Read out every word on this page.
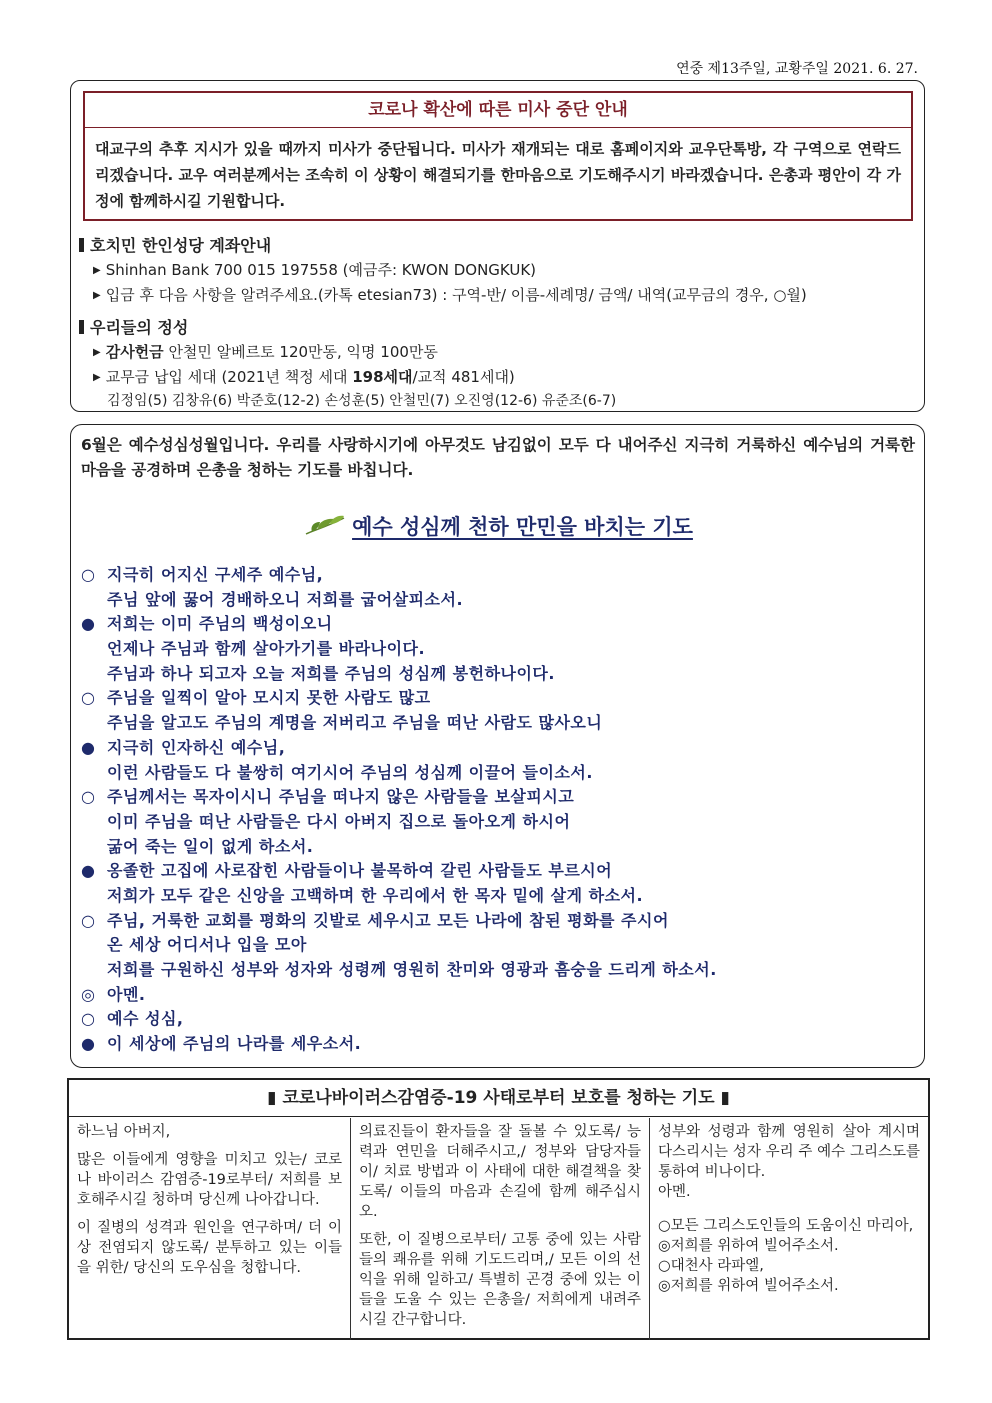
연중 제13주일, 교황주일 2021. 6. 27.
코로나 확산에 따른 미사 중단 안내
대교구의 추후 지시가 있을 때까지 미사가 중단됩니다. 미사가 재개되는 대로 홈페이지와 교우단톡방, 각 구역으로 연락드리겠습니다. 교우 여러분께서는 조속히 이 상황이 해결되기를 한마음으로 기도해주시기 바라겠습니다. 은총과 평안이 각 가정에 함께하시길 기원합니다.
호치민 한인성당 계좌안내
▶ Shinhan Bank 700 015 197558 (예금주: KWON DONGKUK)
▶ 입금 후 다음 사항을 알려주세요.(카톡 etesian73) : 구역-반/ 이름-세례명/ 금액/ 내역(교무금의 경우, ○월)
우리들의 정성
▶ 감사헌금 안철민 알베르토 120만동, 익명 100만동
▶ 교무금 납입 세대 (2021년 책정 세대 198세대/교적 481세대)
김정임(5) 김창유(6) 박준호(12-2) 손성훈(5) 안철민(7) 오진영(12-6) 유준조(6-7)
6월은 예수성심성월입니다. 우리를 사랑하시기에 아무것도 남김없이 모두 다 내어주신 지극히 거룩하신 예수님의 거룩한 마음을 공경하며 은총을 청하는 기도를 바칩니다.
예수 성심께 천하 만민을 바치는 기도
○ 지극히 어지신 구세주 예수님,
주님 앞에 꿇어 경배하오니 저희를 굽어살피소서.
● 저희는 이미 주님의 백성이오니
언제나 주님과 함께 살아가기를 바라나이다.
주님과 하나 되고자 오늘 저희를 주님의 성심께 봉헌하나이다.
○ 주님을 일찍이 알아 모시지 못한 사람도 많고
주님을 알고도 주님의 계명을 저버리고 주님을 떠난 사람도 많사오니
● 지극히 인자하신 예수님,
이런 사람들도 다 불쌍히 여기시어 주님의 성심께 이끌어 들이소서.
○ 주님께서는 목자이시니 주님을 떠나지 않은 사람들을 보살피시고
이미 주님을 떠난 사람들은 다시 아버지 집으로 돌아오게 하시어
굶어 죽는 일이 없게 하소서.
● 옹졸한 고집에 사로잡힌 사람들이나 불목하여 갈린 사람들도 부르시어
저희가 모두 같은 신앙을 고백하며 한 우리에서 한 목자 밑에 살게 하소서.
○ 주님, 거룩한 교회를 평화의 깃발로 세우시고 모든 나라에 참된 평화를 주시어
온 세상 어디서나 입을 모아
저희를 구원하신 성부와 성자와 성령께 영원히 찬미와 영광과 흠숭을 드리게 하소서.
◎ 아멘.
○ 예수 성심,
● 이 세상에 주님의 나라를 세우소서.
▮ 코로나바이러스감염증-19 사태로부터 보호를 청하는 기도 ▮

하느님 아버지,

많은 이들에게 영향을 미치고 있는/ 코로나 바이러스 감염증-19로부터/ 저희를 보호해주시길 청하며 당신께 나아갑니다.

이 질병의 성격과 원인을 연구하며/ 더 이상 전염되지 않도록/ 분투하고 있는 이들을 위한/ 당신의 도우심을 청합니다.

의료진들이 환자들을 잘 돌볼 수 있도록/ 능력과 연민을 더해주시고,/ 정부와 담당자들이/ 치료 방법과 이 사태에 대한 해결책을 찾도록/ 이들의 마음과 손길에 함께 해주십시오.

또한, 이 질병으로부터/ 고통 중에 있는 사람들의 쾌유를 위해 기도드리며,/ 모든 이의 선익을 위해 일하고/ 특별히 곤경 중에 있는 이들을 도울 수 있는 은총을/ 저희에게 내려주시길 간구합니다.

성부와 성령과 함께 영원히 살아 계시며 다스리시는 성자 우리 주 예수 그리스도를 통하여 비나이다.
아멘.
○모든 그리스도인들의 도움이신 마리아,
◎저희를 위하여 빌어주소서.
○대천사 라파엘,
◎저희를 위하여 빌어주소서.
